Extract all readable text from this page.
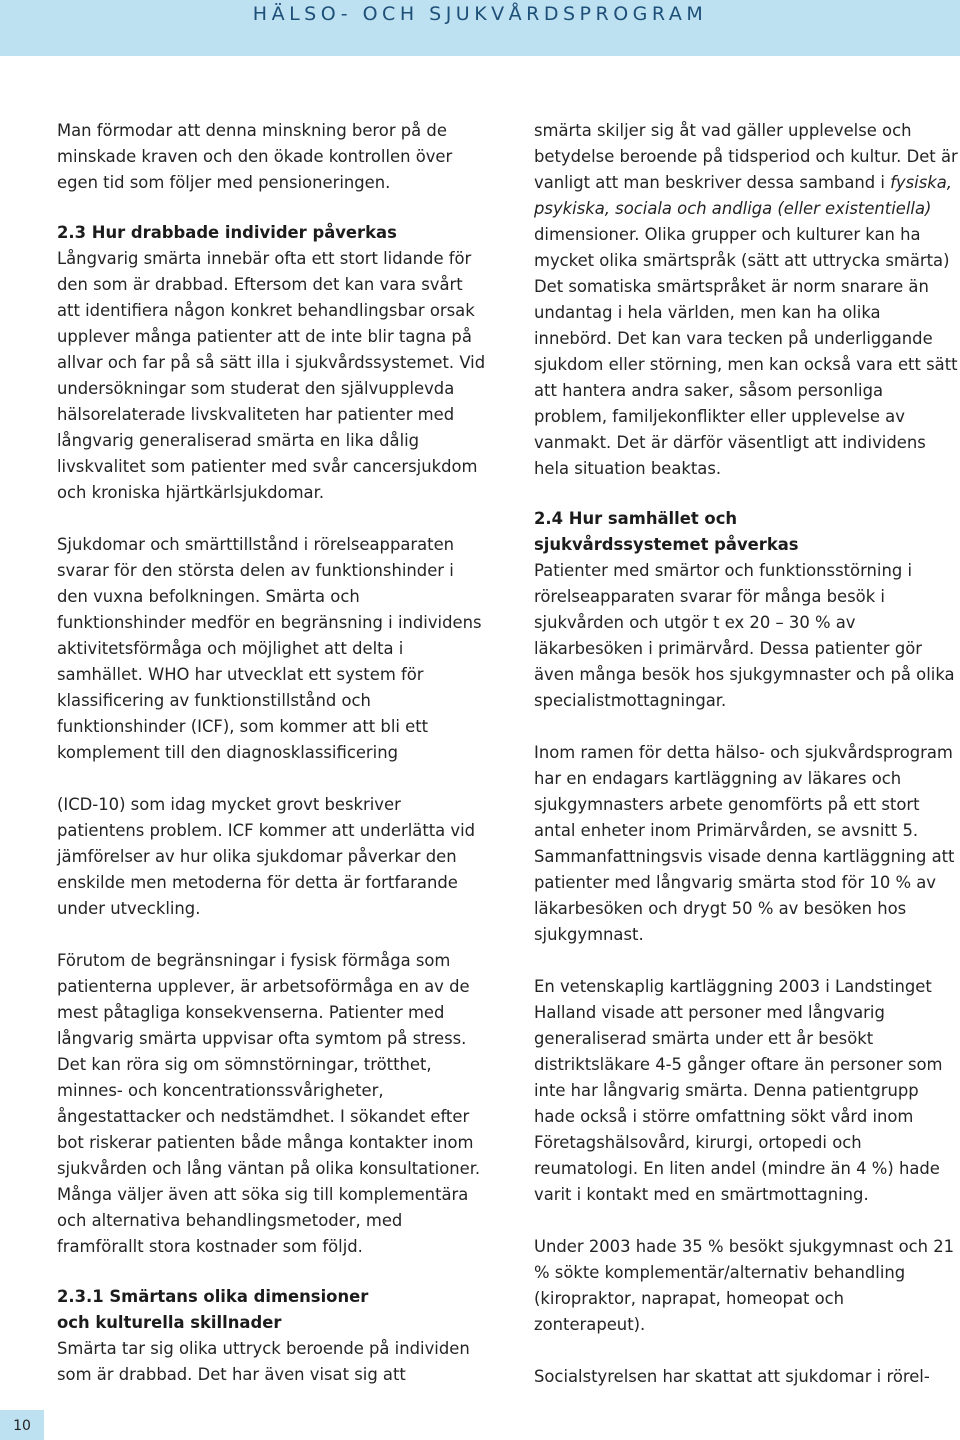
HÄLSO- OCH SJUKVÅRDSPROGRAM

Man förmodar att denna minskning beror på de minskade kraven och den ökade kontrollen över egen tid som följer med pensioneringen.

2.3 Hur drabbade individer påverkas

Långvarig smärta innebär ofta ett stort lidande för den som är drabbad. Eftersom det kan vara svårt att identifiera någon konkret behandlingsbar orsak upplever många patienter att de inte blir tagna på allvar och far på så sätt illa i sjukvårdssystemet. Vid undersökningar som studerat den självupplevda hälsorelaterade livskvaliteten har patienter med långvarig generaliserad smärta en lika dålig livskvalitet som patienter med svår cancersjukdom och kroniska hjärtkärlsjukdomar.

Sjukdomar och smärttillstånd i rörelseapparaten svarar för den största delen av funktionshinder i den vuxna befolkningen. Smärta och funktionshinder medför en begränsning i individens aktivitetsförmåga och möjlighet att delta i samhället. WHO har utvecklat ett system för klassificering av funktionstillstånd och funktionshinder (ICF), som kommer att bli ett komplement till den diagnosklassificering

(ICD-10) som idag mycket grovt beskriver patientens problem. ICF kommer att underlätta vid jämförelser av hur olika sjukdomar påverkar den enskilde men metoderna för detta är fortfarande under utveckling.

Förutom de begränsningar i fysisk förmåga som patienterna upplever, är arbetsoförmåga en av de mest påtagliga konsekvenserna. Patienter med långvarig smärta uppvisar ofta symtom på stress. Det kan röra sig om sömnstörningar, trötthet, minnes- och koncentrationssvårigheter, ångestattacker och nedstämdhet. I sökandet efter bot riskerar patienten både många kontakter inom sjukvården och lång väntan på olika konsultationer. Många väljer även att söka sig till komplementära och alternativa behandlingsmetoder, med framförallt stora kostnader som följd.

2.3.1 Smärtans olika dimensioner och kulturella skillnader

Smärta tar sig olika uttryck beroende på individen som är drabbad. Det har även visat sig att

smärta skiljer sig åt vad gäller upplevelse och betydelse beroende på tidsperiod och kultur. Det är vanligt att man beskriver dessa samband i fysiska, psykiska, sociala och andliga (eller existentiella) dimensioner. Olika grupper och kulturer kan ha mycket olika smärtspråk (sätt att uttrycka smärta) Det somatiska smärtspråket är norm snarare än undantag i hela världen, men kan ha olika innebörd. Det kan vara tecken på underliggande sjukdom eller störning, men kan också vara ett sätt att hantera andra saker, såsom personliga problem, familjekonflikter eller upplevelse av vanmakt. Det är därför väsentligt att individens hela situation beaktas.

2.4 Hur samhället och sjukvårdssystemet påverkas

Patienter med smärtor och funktionsstörning i rörelseapparaten svarar för många besök i sjukvården och utgör t ex 20 – 30 % av läkarbesöken i primärvård. Dessa patienter gör även många besök hos sjukgymnaster och på olika specialistmottagningar.

Inom ramen för detta hälso- och sjukvårdsprogram har en endagars kartläggning av läkares och sjukgymnasters arbete genomförts på ett stort antal enheter inom Primärvården, se avsnitt 5. Sammanfattningsvis visade denna kartläggning att patienter med långvarig smärta stod för 10 % av läkarbesöken och drygt 50 % av besöken hos sjukgymnast.

En vetenskaplig kartläggning 2003 i Landstinget Halland visade att personer med långvarig generaliserad smärta under ett år besökt distriktsläkare 4-5 gånger oftare än personer som inte har långvarig smärta. Denna patientgrupp hade också i större omfattning sökt vård inom Företagshälsovård, kirurgi, ortopedi och reumatologi. En liten andel (mindre än 4 %) hade varit i kontakt med en smärtmottagning.

Under 2003 hade 35 % besökt sjukgymnast och 21 % sökte komplementär/alternativ behandling (kiropraktor, naprapat, homeopat och zonterapeut).

Socialstyrelsen har skattat att sjukdomar i rörel-

10
